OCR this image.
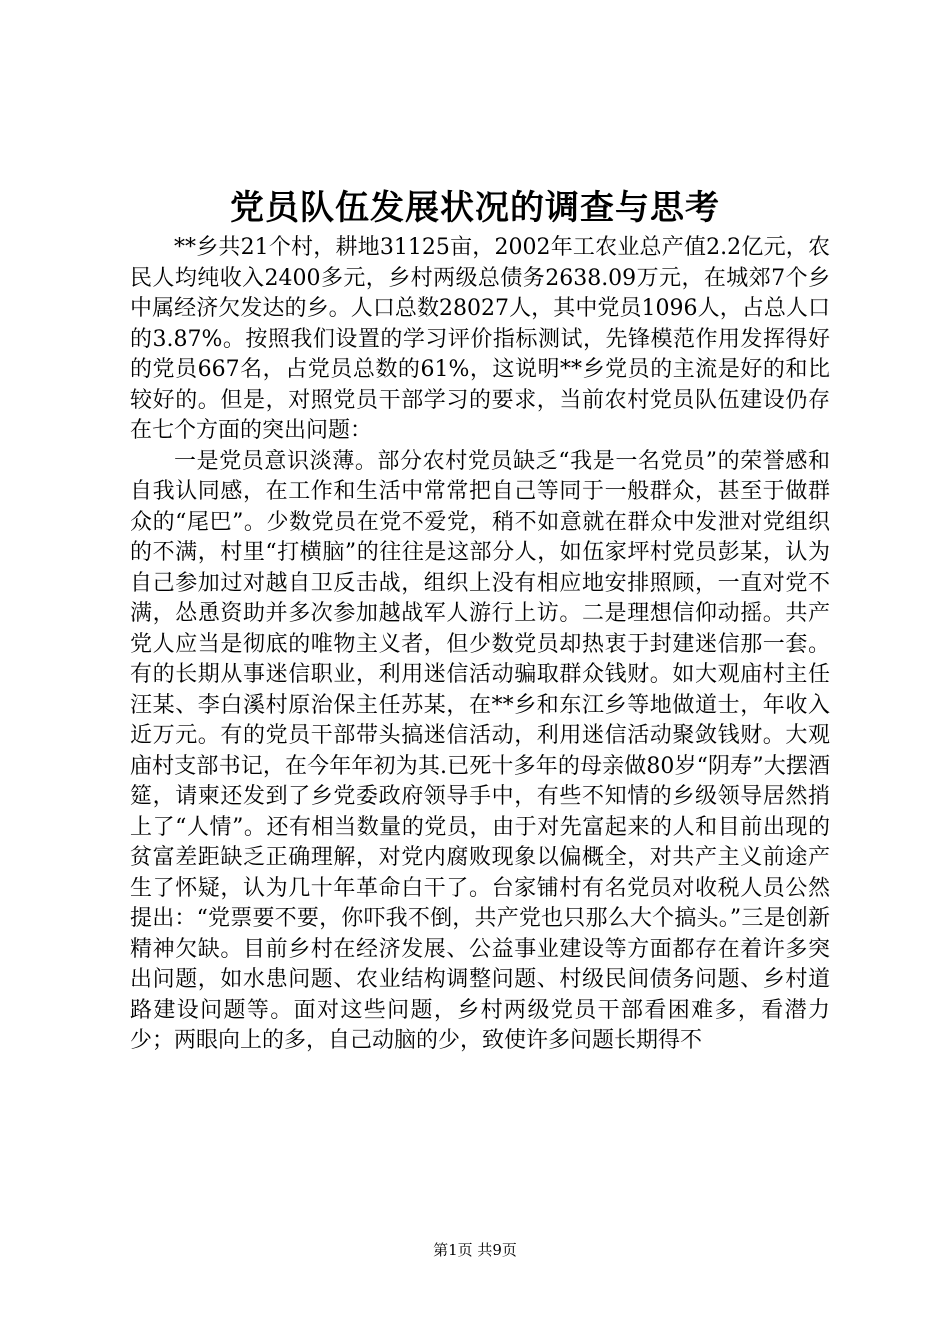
党员队伍发展状况的调查与思考

**乡共21个村，耕地31125亩，2002年工农业总产值2.2亿元，农民人均纯收入2400多元，乡村两级总债务2638.09万元，在城郊7个乡中属经济欠发达的乡。人口总数28027人，其中党员1096人，占总人口的3.87%。按照我们设置的学习评价指标测试，先锋模范作用发挥得好的党员667名，占党员总数的61%，这说明**乡党员的主流是好的和比较好的。但是，对照党员干部学习的要求，当前农村党员队伍建设仍存在七个方面的突出问题：

一是党员意识淡薄。部分农村党员缺乏“我是一名党员”的荣誉感和自我认同感，在工作和生活中常常把自己等同于一般群众，甚至于做群众的“尾巴”。少数党员在党不爱党，稍不如意就在群众中发泄对党组织的不满，村里“打横脑”的往往是这部分人，如伍家坪村党员彭某，认为自己参加过对越自卫反击战，组织上没有相应地安排照顾，一直对党不满，怂恿资助并多次参加越战军人游行上访。二是理想信仰动摇。共产党人应当是彻底的唯物主义者，但少数党员却热衷于封建迷信那一套。有的长期从事迷信职业，利用迷信活动骗取群众钱财。如大观庙村主任汪某、李白溪村原治保主任苏某，在**乡和东江乡等地做道士，年收入近万元。有的党员干部带头搞迷信活动，利用迷信活动聚敛钱财。大观庙村支部书记，在今年年初为其.已死十多年的母亲做80岁“阴寿”大摆酒筵，请柬还发到了乡党委政府领导手中，有些不知情的乡级领导居然捎上了“人情”。还有相当数量的党员，由于对先富起来的人和目前出现的贫富差距缺乏正确理解，对党内腐败现象以偏概全，对共产主义前途产生了怀疑，认为几十年革命白干了。台家铺村有名党员对收税人员公然提出：“党票要不要，你吓我不倒，共产党也只那么大个搞头。”三是创新精神欠缺。目前乡村在经济发展、公益事业建设等方面都存在着许多突出问题，如水患问题、农业结构调整问题、村级民间债务问题、乡村道路建设问题等。面对这些问题，乡村两级党员干部看困难多，看潜力少；两眼向上的多，自己动脑的少，致使许多问题长期得不

第1页 共9页
